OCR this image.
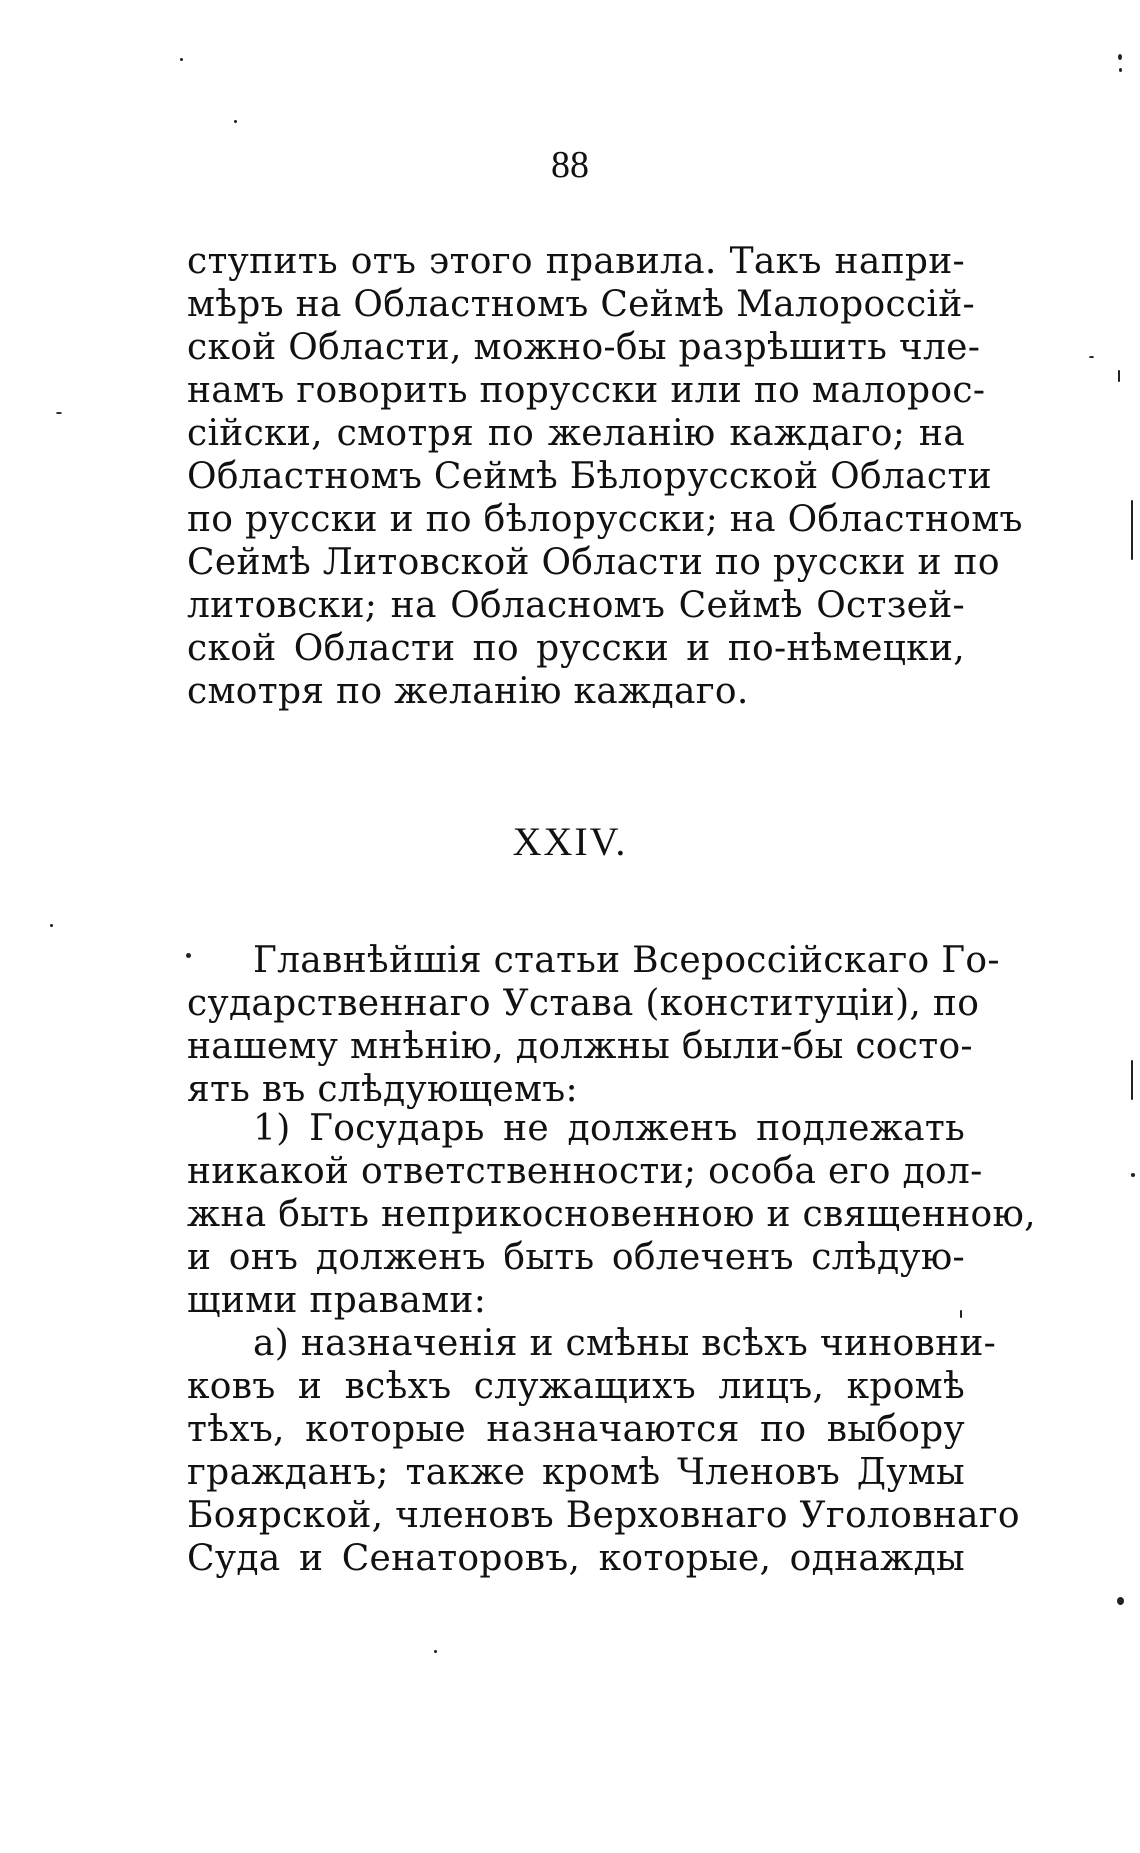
88
ступить отъ этого правила. Такъ напри-
мѣръ на Областномъ Сеймѣ Малороссій-
ской Области, можно-бы разрѣшить чле-
намъ говорить порусски или по малорос-
сійски, смотря по желанію каждаго; на
Областномъ Сеймѣ Бѣлорусской Области
по русски и по бѣлорусски; на Областномъ
Сеймѣ Литовской Области по русски и по
литовски; на Обласномъ Сеймѣ Остзей-
ской Области по русски и по-нѣмецки,
смотря по желанію каждаго.
XXIV.
Главнѣйшія статьи Всероссійскаго Го-
сударственнаго Устава (конституціи), по
нашему мнѣнію, должны были-бы состо-
ять въ слѣдующемъ:
1) Государь не долженъ подлежать
никакой ответственности; особа его дол-
жна быть неприкосновенною и священною,
и онъ долженъ быть облеченъ слѣдую-
щими правами:
а) назначенія и смѣны всѣхъ чиновни-
ковъ и всѣхъ служащихъ лицъ, кромѣ
тѣхъ, которые назначаются по выбору
гражданъ; также кромѣ Членовъ Думы
Боярской, членовъ Верховнаго Уголовнаго
Суда и Сенаторовъ, которые, однажды
